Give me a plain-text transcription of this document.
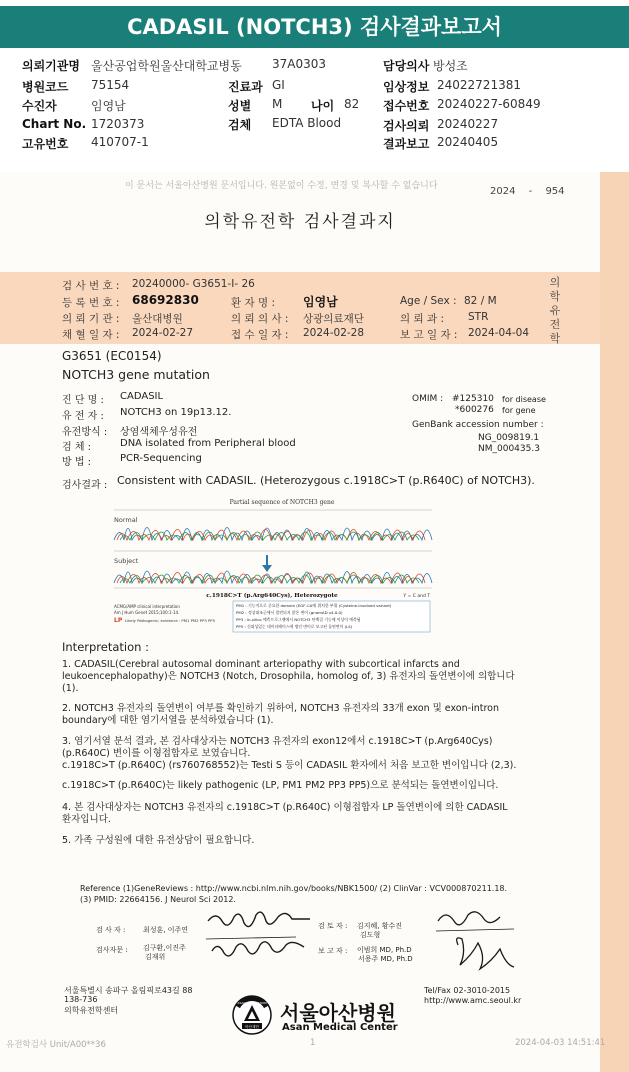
CADASIL (NOTCH3) 검사결과보고서
의뢰기관명 울산공업학원울산대학교병동	37A0303	담당의사 방성조
병원코드 75154	진료과 GI	임상정보 24022721381
수진자	임영남	성별 M 나이 82 접수번호 20240227-60849
Chart No. 1720373	검체 EDTA Blood	검사의뢰 20240227
고유번호 410707-1	결과보고 20240405
이 문서는 서울아산병원 문서입니다. 원본없이 수정, 변경 및 복사할 수 없습니다	2024 - 954
의학유전학 검사결과지
의
학
유
전
학
검 사 번 호 : 20240000- G3651-I- 26
등 록 번 호 : 68692830	환 자 명 : 임영남	Age / Sex : 82 / M
의 뢰 기 관 : 울산대병원	의 뢰 의 사 : 상광의료재단	의 뢰 과 : STR
채 혈 일 자 : 2024-02-27	접 수 일 자 : 2024-02-28	보 고 일 자 : 2024-04-04
G3651 (EC0154)
NOTCH3 gene mutation
진 단 명 : CADASIL
유 전 자 : NOTCH3 on 19p13.12.
유전방식 : 상염색체우성유전
검 체 :	DNA isolated from Peripheral blood
방 법 :	PCR-Sequencing
OMIM : #125310 for disease
*600276 for gene
GenBank accession number :
NG_009819.1
NM_000435.3
검사결과 : Consistent with CADASIL. (Heterozygous c.1918C>T (p.R640C) of NOTCH3).
Partial sequence of NOTCH3 gene
Normal
Subject
c.1918C>T (p.Arg640Cys), Heterozygote	Y = C and T
ACMG/AMP clinical interpretation
Am J Hum Genet 2015;100:1-14.
LP Likely Pathogenic; evidence : PM1 PM2 PP3 PP5
PM1 : 기능적으로 중요한 domain (EGF-CA에 위치한 부위 (Cysteine-involved variant)
PM2 : 정상대조군에서 발견되지 않은 변이 (gnomAD v4.0.0)
PP3 : in-silico 예측프로그램에서 NOTCH3 단백질 기능에 이상이 예측됨
PP5 : 신뢰성있는 데이터베이스에 병인 변이로 보고된 돌연변이 (LS)
Interpretation :
1. CADASIL(Cerebral autosomal dominant arteriopathy with subcortical infarcts and
leukoencephalopathy)은 NOTCH3 (Notch, Drosophila, homolog of, 3) 유전자의 돌연변이에 의합니다
(1).
2. NOTCH3 유전자의 돌연변이 여부를 확인하기 위하여, NOTCH3 유전자의 33개 exon 및 exon-intron
boundary에 대한 염기서열을 분석하였습니다 (1).
3. 염기서열 분석 결과, 본 검사대상자는 NOTCH3 유전자의 exon12에서 c.1918C>T (p.Arg640Cys)
(p.R640C) 변이를 이형접합자로 보였습니다.
c.1918C>T (p.R640C) (rs760768552)는 Testi S 등이 CADASIL 환자에서 처음 보고한 변이입니다 (2,3).
c.1918C>T (p.R640C)는 likely pathogenic (LP, PM1 PM2 PP3 PP5)으로 분석되는 돌연변이입니다.
4. 본 검사대상자는 NOTCH3 유전자의 c.1918C>T (p.R640C) 이형접합자 LP 돌연변이에 의한 CADASIL
환자입니다.
5. 가족 구성원에 대한 유전상담이 필요합니다.
Reference (1)GeneReviews : http://www.ncbi.nlm.nih.gov/books/NBK1500/ (2) ClinVar : VCV000870211.18.
(3) PMID: 22664156. J Neurol Sci 2012.
검 사 자 :	최성훈, 이주연
검사자문 : 김구환,이진주
김재위
검 토 자 : 김지혜, 황수진
김도형
보 고 자 : 이범희 MD, Ph.D
서용주 MD, Ph.D
서울특별시 송파구 올림픽로43길 88
138-736
의학유전학센터
Tel/Fax 02-3010-2015
http://www.amc.seoul.kr
아산재단
ASAN FOUNDATION 서울아산병원
Asan Medical Center
유전학검사 Unit/A00**36	1	2024-04-03 14:51:41
